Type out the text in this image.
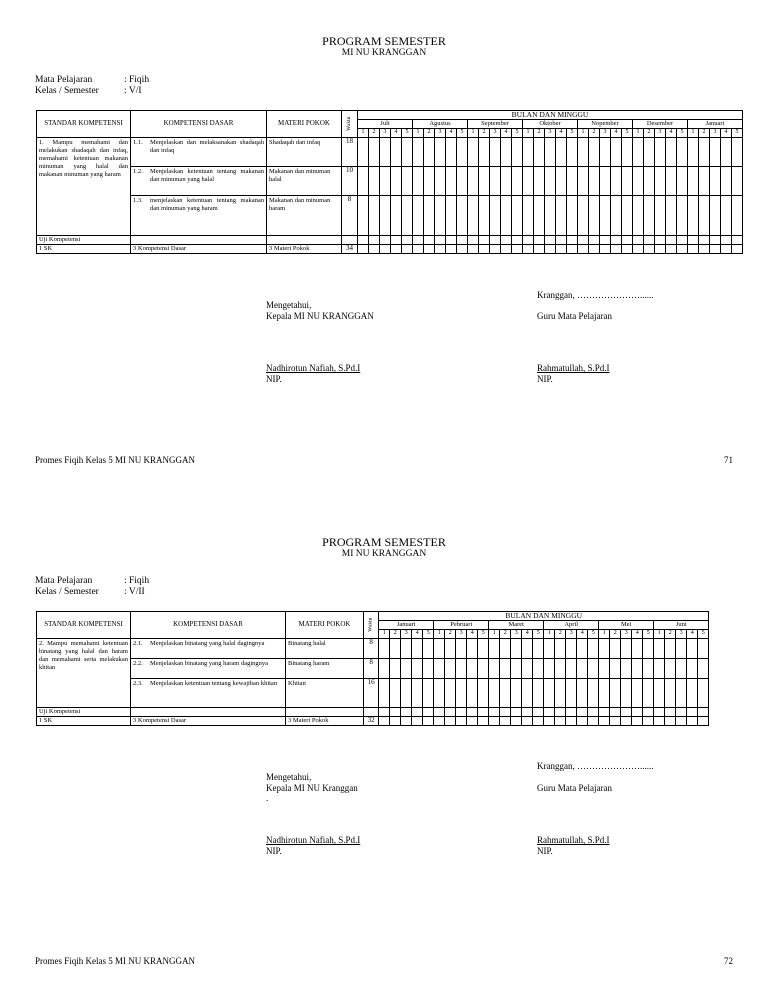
PROGRAM SEMESTER
MI NU KRANGGAN
Mata Pelajaran	: Fiqih
Kelas / Semester	: V/I
STANDAR KOMPETENSI	KOMPETENSI DASAR	MATERI POKOK	Waktu	BULAN DAN MINGGU																																		
				Juli					Agustus					September					Oktober					Nopember					Desember					Januari				
				1	2	3	4	5	1	2	3	4	5	1	2	3	4	5	1	2	3	4	5	1	2	3	4	5	1	2	3	4	5	1	2	3	4	5
1. Mampu memahami dan melakukan shadaqah dan infaq, memahami ketentuan makanan minuman yang halal dan makanan minuman yang haram	1.1. Menjelaskan dan melaksanakan shadaqah dan infaq	Shadaqah dan infaq	18																																			

	1.2. Menjelaskan ketentuan tentang makanan dan minuman yang halal	Makanan dan minuman halal	10																																			

	1.3. menjelaskan ketentuan tentang makanan dan minuman yang haram	Makanan dan minuman haram	8																																			
Uji Kompetensi																																						
1 SK	3 Kompetensi Dasar	3 Materi Pokok	34																																			
Kranggan, …………………......
Mengetahui,
Kepala MI NU KRANGGAN	Guru Mata Pelajaran
Nadhirotun Nafiah, S.Pd.I
NIP.
Rahmatullah, S.Pd.I
NIP.
Promes Fiqih Kelas 5 MI NU KRANGGAN	71
PROGRAM SEMESTER
MI NU KRANGGAN
Mata Pelajaran	: Fiqih
Kelas / Semester	: V/II
STANDAR KOMPETENSI	KOMPETENSI DASAR	MATERI POKOK	Waktu	BULAN DAN MINGGU																													
				Januari					Pebruari					Maret					April					Mei					Juni				
				1	2	3	4	5	1	2	3	4	5	1	2	3	4	5	1	2	3	4	5	1	2	3	4	5	1	2	3	4	5
2. Mampu memahami ketentuan binatang yang halal dan haram dan memahami serta melakukan khitan	2.1. Menjelaskan binatang yang halal dagingnya	Binatang halal	8																														

	2.2. Menjelaskan binatang yang haram dagingnya	Binatang haram	8																														

	2.3. Menjelaskan ketentuan tentang kewajiban khitan	Khitan	16																														
Uji Kompetensi																																	
1 SK	3 Kompetensi Dasar	3 Materi Pokok	32																														
Kranggan, …………………......
Mengetahui,
Kepala MI NU Kranggan
.
Guru Mata Pelajaran
Nadhirotun Nafiah, S.Pd.I
NIP.
Rahmatullah, S.Pd.I
NIP.
Promes Fiqih Kelas 5 MI NU KRANGGAN	72
